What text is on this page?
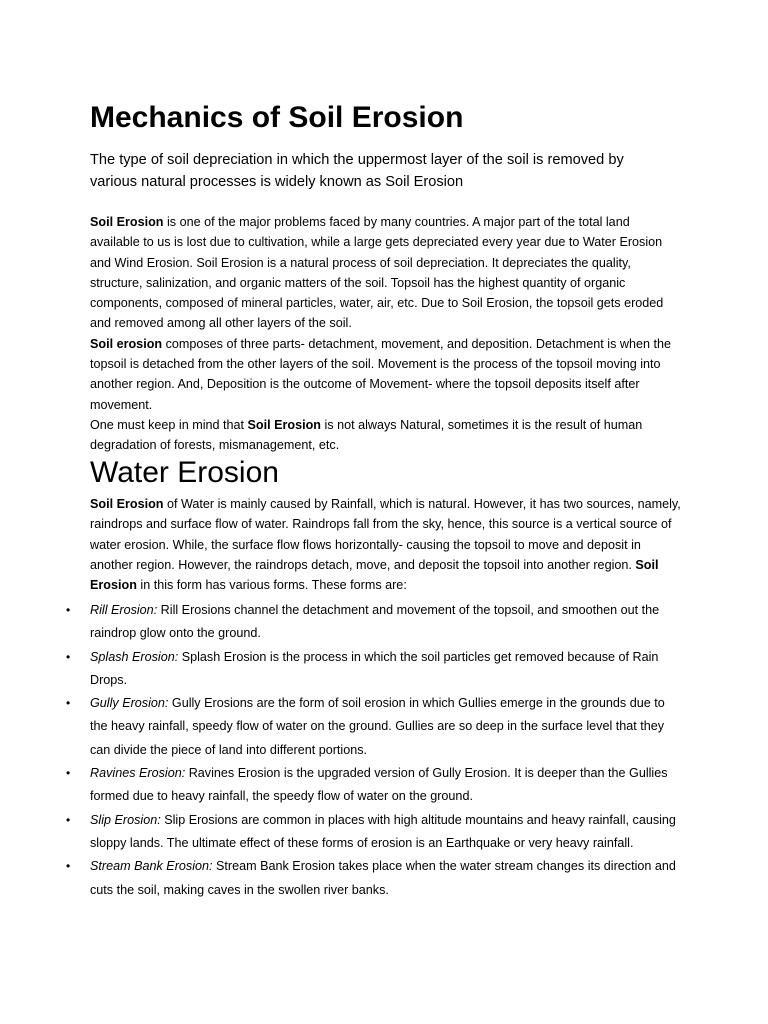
Mechanics of Soil Erosion

The type of soil depreciation in which the uppermost layer of the soil is removed by various natural processes is widely known as Soil Erosion

Soil Erosion is one of the major problems faced by many countries. A major part of the total land available to us is lost due to cultivation, while a large gets depreciated every year due to Water Erosion and Wind Erosion. Soil Erosion is a natural process of soil depreciation. It depreciates the quality, structure, salinization, and organic matters of the soil. Topsoil has the highest quantity of organic components, composed of mineral particles, water, air, etc. Due to Soil Erosion, the topsoil gets eroded and removed among all other layers of the soil.

Soil erosion composes of three parts- detachment, movement, and deposition. Detachment is when the topsoil is detached from the other layers of the soil. Movement is the process of the topsoil moving into another region. And, Deposition is the outcome of Movement- where the topsoil deposits itself after movement.

One must keep in mind that Soil Erosion is not always Natural, sometimes it is the result of human degradation of forests, mismanagement, etc.

Water Erosion

Soil Erosion of Water is mainly caused by Rainfall, which is natural. However, it has two sources, namely, raindrops and surface flow of water. Raindrops fall from the sky, hence, this source is a vertical source of water erosion. While, the surface flow flows horizontally- causing the topsoil to move and deposit in another region. However, the raindrops detach, move, and deposit the topsoil into another region. Soil Erosion in this form has various forms. These forms are:

• Rill Erosion: Rill Erosions channel the detachment and movement of the topsoil, and smoothen out the raindrop glow onto the ground.
• Splash Erosion: Splash Erosion is the process in which the soil particles get removed because of Rain Drops.
• Gully Erosion: Gully Erosions are the form of soil erosion in which Gullies emerge in the grounds due to the heavy rainfall, speedy flow of water on the ground. Gullies are so deep in the surface level that they can divide the piece of land into different portions.
• Ravines Erosion: Ravines Erosion is the upgraded version of Gully Erosion. It is deeper than the Gullies formed due to heavy rainfall, the speedy flow of water on the ground.
• Slip Erosion: Slip Erosions are common in places with high altitude mountains and heavy rainfall, causing sloppy lands. The ultimate effect of these forms of erosion is an Earthquake or very heavy rainfall.
• Stream Bank Erosion: Stream Bank Erosion takes place when the water stream changes its direction and cuts the soil, making caves in the swollen river banks.
